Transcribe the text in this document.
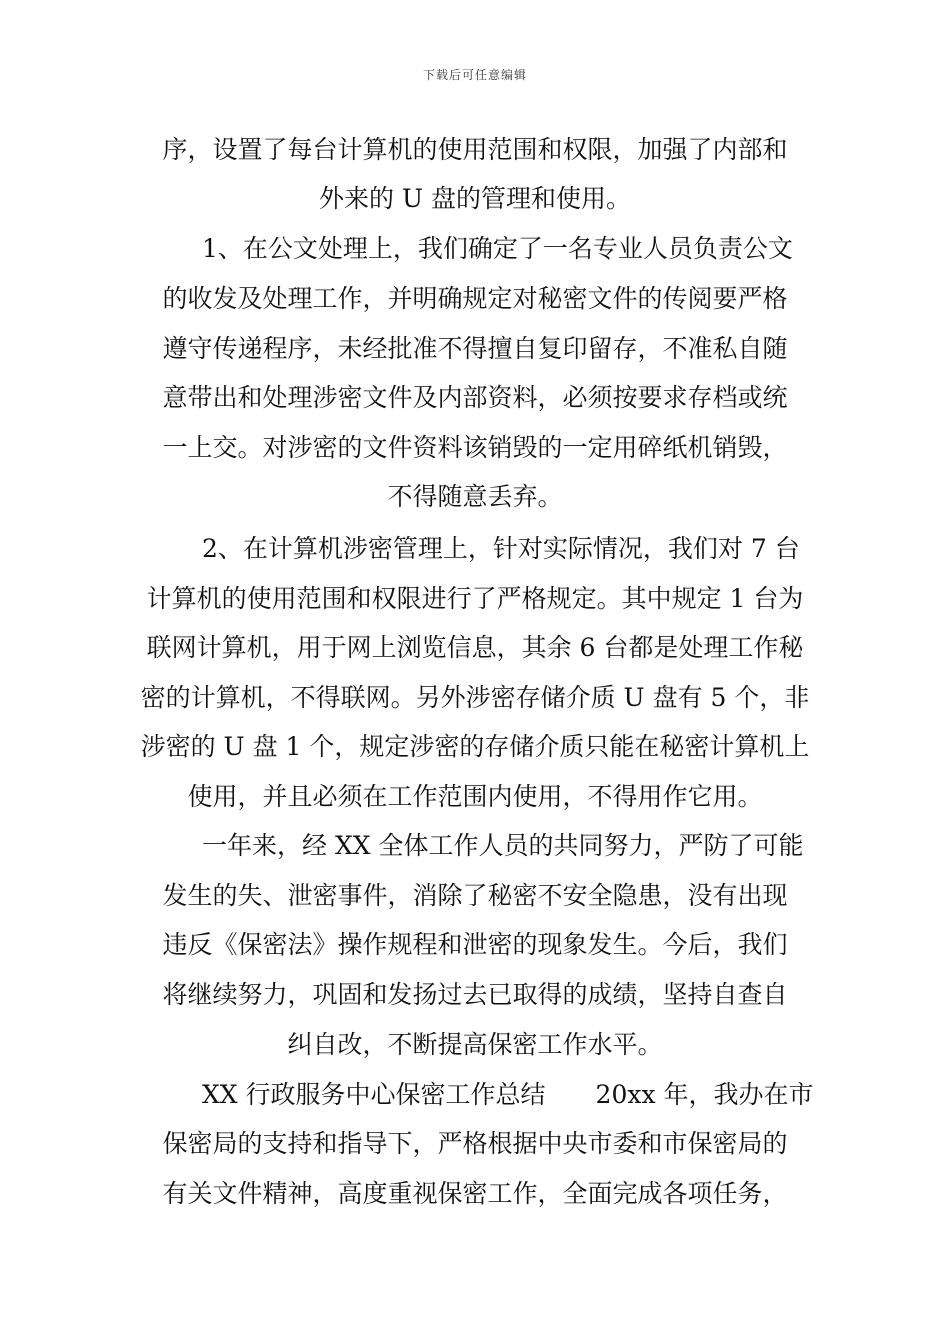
下载后可任意编辑
序，设置了每台计算机的使用范围和权限，加强了内部和
外来的 U 盘的管理和使用。
1、在公文处理上，我们确定了一名专业人员负责公文
的收发及处理工作，并明确规定对秘密文件的传阅要严格
遵守传递程序，未经批准不得擅自复印留存，不准私自随
意带出和处理涉密文件及内部资料，必须按要求存档或统
一上交。对涉密的文件资料该销毁的一定用碎纸机销毁，
不得随意丢弃。
2、在计算机涉密管理上，针对实际情况，我们对 7 台
计算机的使用范围和权限进行了严格规定。其中规定 1 台为
联网计算机，用于网上浏览信息，其余 6 台都是处理工作秘
密的计算机，不得联网。另外涉密存储介质 U 盘有 5 个，非
涉密的 U 盘 1 个，规定涉密的存储介质只能在秘密计算机上
使用，并且必须在工作范围内使用，不得用作它用。
一年来，经 XX 全体工作人员的共同努力，严防了可能
发生的失、泄密事件，消除了秘密不安全隐患，没有出现
违反《保密法》操作规程和泄密的现象发生。今后，我们
将继续努力，巩固和发扬过去已取得的成绩，坚持自查自
纠自改，不断提高保密工作水平。
XX 行政服务中心保密工作总结　　20xx 年，我办在市
保密局的支持和指导下，严格根据中央市委和市保密局的
有关文件精神，高度重视保密工作，全面完成各项任务，
